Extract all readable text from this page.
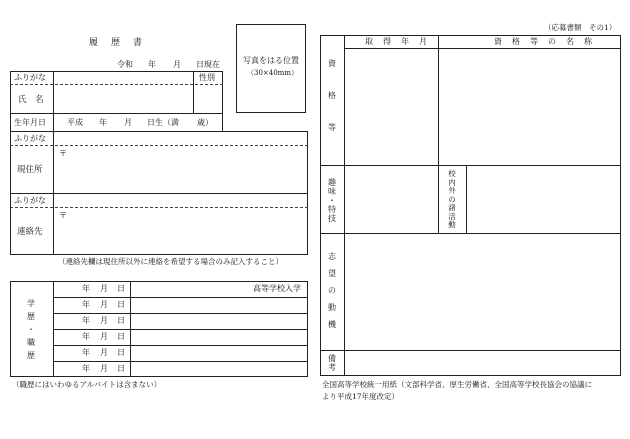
履　歴　書
令和 年 月 日現在	写真をはる位置
（30×40mm）
ふりがな	性別
氏　名
生年月日	平成 年 月 日生（満 歳）
ふりがな
〒
現住所
ふりがな
〒
連絡先
（連絡先欄は現住所以外に連絡を希望する場合のみ記入すること）
学
歴
・
職
歴
年 月 日	高等学校入学
年 月 日
年 月 日
年 月 日
年 月 日
年 月 日
（職歴にはいわゆるアルバイトは含まない）
（応募書類　その1）
取　得　年　月	資　格　等　の　名　称
資
格
等
趣
味
・
特
技
校
内
外
の
諸
活
動
志
望
の
動
機
備
考
全国高等学校統一用紙（文部科学省、厚生労働省、全国高等学校長協会の協議に
より平成17年度改定）
